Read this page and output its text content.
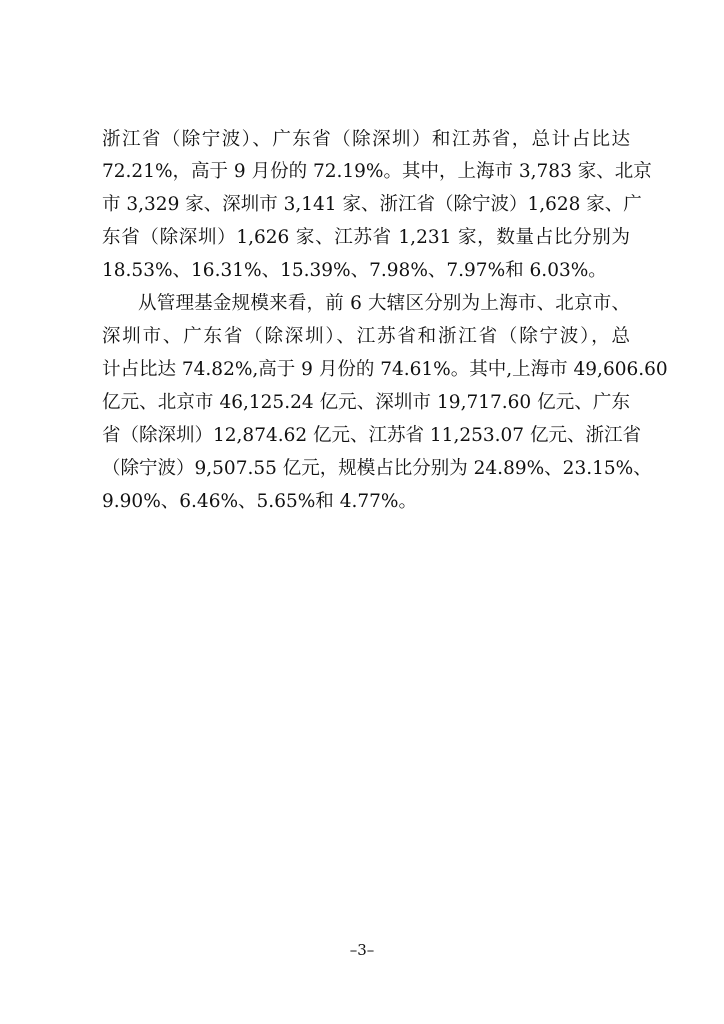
浙江省（除宁波）、广东省（除深圳）和江苏省，总计占比达
72.21%，高于 9 月份的 72.19%。其中，上海市 3,783 家、北京
市 3,329 家、深圳市 3,141 家、浙江省（除宁波）1,628 家、广
东省（除深圳）1,626 家、江苏省 1,231 家，数量占比分别为
18.53%、16.31%、15.39%、7.98%、7.97%和 6.03%。
从管理基金规模来看，前 6 大辖区分别为上海市、北京市、
深圳市、广东省（除深圳）、江苏省和浙江省（除宁波），总
计占比达 74.82%,高于 9 月份的 74.61%。其中,上海市 49,606.60
亿元、北京市 46,125.24 亿元、深圳市 19,717.60 亿元、广东
省（除深圳）12,874.62 亿元、江苏省 11,253.07 亿元、浙江省
（除宁波）9,507.55 亿元，规模占比分别为 24.89%、23.15%、
9.90%、6.46%、5.65%和 4.77%。
–3–
